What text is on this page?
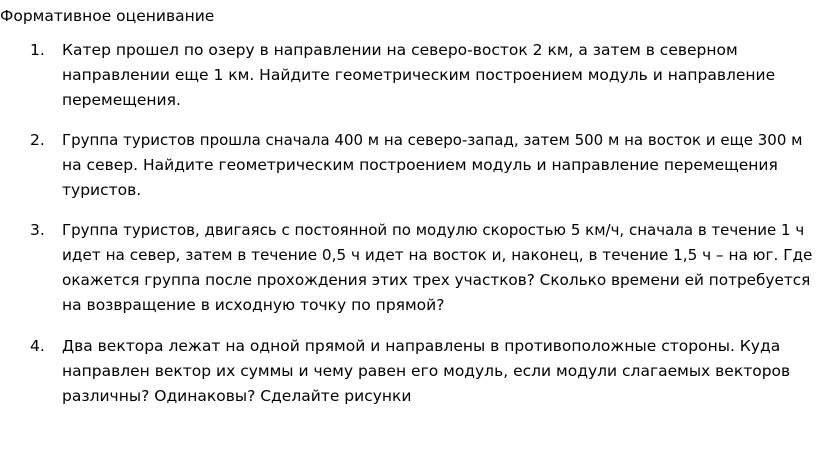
Формативное оценивание
1. Катер прошел по озеру в направлении на северо-восток 2 км, а затем в северном
направлении еще 1 км. Найдите геометрическим построением модуль и направление
перемещения.
2. Группа туристов прошла сначала 400 м на северо-запад, затем 500 м на восток и еще 300 м
на север. Найдите геометрическим построением модуль и направление перемещения
туристов.
3. Группа туристов, двигаясь с постоянной по модулю скоростью 5 км/ч, сначала в течение 1 ч
идет на север, затем в течение 0,5 ч идет на восток и, наконец, в течение 1,5 ч – на юг. Где
окажется группа после прохождения этих трех участков? Сколько времени ей потребуется
на возвращение в исходную точку по прямой?
4. Два вектора лежат на одной прямой и направлены в противоположные стороны. Куда
направлен вектор их суммы и чему равен его модуль, если модули слагаемых векторов
различны? Одинаковы? Сделайте рисунки
